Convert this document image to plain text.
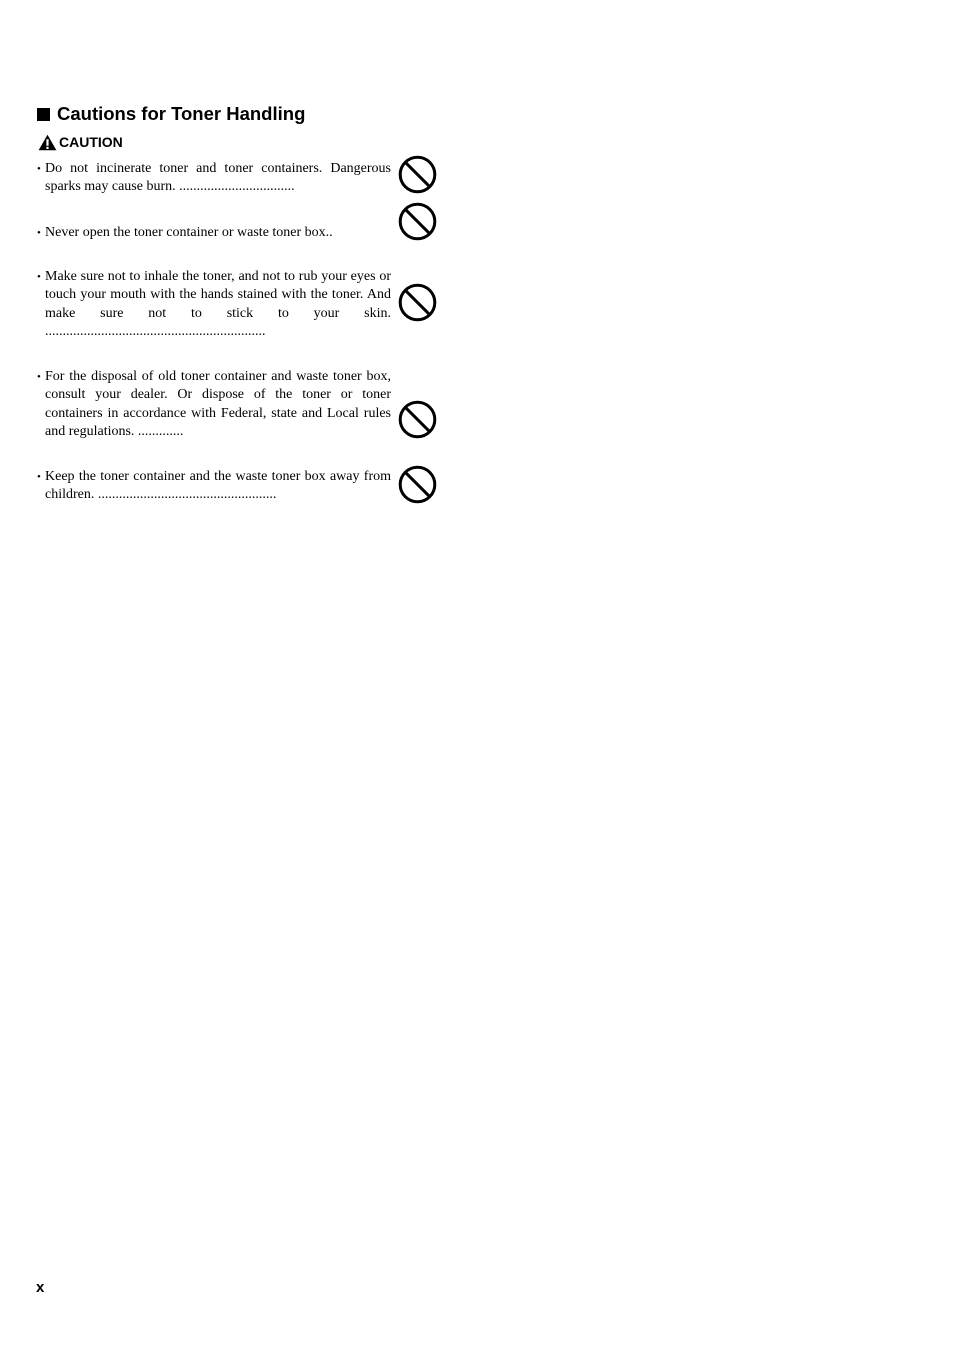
Cautions for Toner Handling
CAUTION
• Do not incinerate toner and toner containers. Dangerous sparks may cause burn. .................................
• Never open the toner container or waste toner box..
• Make sure not to inhale the toner, and not to rub your eyes or touch your mouth with the hands stained with the toner. And make sure not to stick to your skin. ...............................................................
• For the disposal of old toner container and waste toner box, consult your dealer. Or dispose of the toner or toner containers in accordance with Federal, state and Local rules and regulations. .............
• Keep the toner container and the waste toner box away from children. ...................................................
x
